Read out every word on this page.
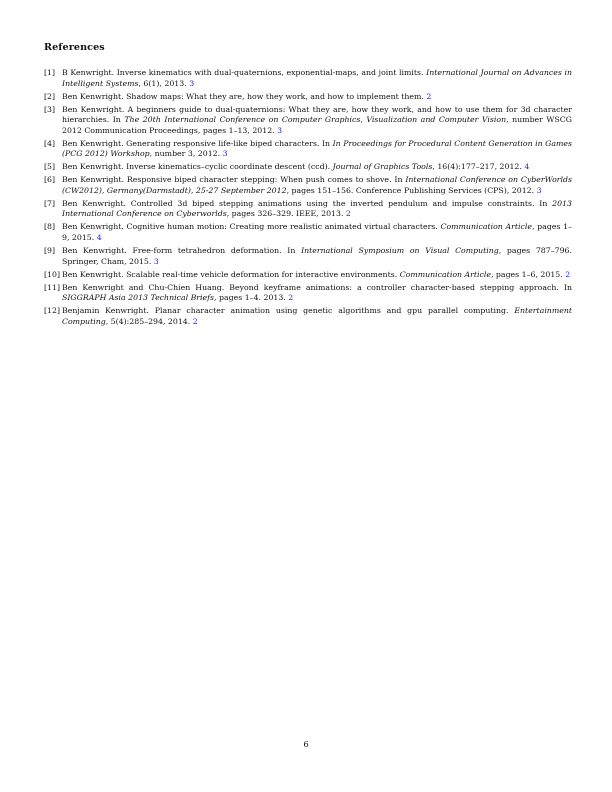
References
[1] B Kenwright. Inverse kinematics with dual-quaternions, exponential-maps, and joint limits. International Journal on Advances in Intelligent Systems, 6(1), 2013. 3
[2] Ben Kenwright. Shadow maps: What they are, how they work, and how to implement them. 2
[3] Ben Kenwright. A beginners guide to dual-quaternions: What they are, how they work, and how to use them for 3d character hierarchies. In The 20th International Conference on Computer Graphics, Visualization and Computer Vision, number WSCG 2012 Communication Proceedings, pages 1–13, 2012. 3
[4] Ben Kenwright. Generating responsive life-like biped characters. In In Proceedings for Procedural Content Generation in Games (PCG 2012) Workshop, number 3, 2012. 3
[5] Ben Kenwright. Inverse kinematics–cyclic coordinate descent (ccd). Journal of Graphics Tools, 16(4):177–217, 2012. 4
[6] Ben Kenwright. Responsive biped character stepping: When push comes to shove. In International Conference on CyberWorlds (CW2012), Germany(Darmstadt), 25-27 September 2012, pages 151–156. Conference Publishing Services (CPS), 2012. 3
[7] Ben Kenwright. Controlled 3d biped stepping animations using the inverted pendulum and impulse constraints. In 2013 International Conference on Cyberworlds, pages 326–329. IEEE, 2013. 2
[8] Ben Kenwright. Cognitive human motion: Creating more realistic animated virtual characters. Communication Article, pages 1–9, 2015. 4
[9] Ben Kenwright. Free-form tetrahedron deformation. In International Symposium on Visual Computing, pages 787–796. Springer, Cham, 2015. 3
[10] Ben Kenwright. Scalable real-time vehicle deformation for interactive environments. Communication Article, pages 1–6, 2015. 2
[11] Ben Kenwright and Chu-Chien Huang. Beyond keyframe animations: a controller character-based stepping approach. In SIGGRAPH Asia 2013 Technical Briefs, pages 1–4. 2013. 2
[12] Benjamin Kenwright. Planar character animation using genetic algorithms and gpu parallel computing. Entertainment Computing, 5(4):285–294, 2014. 2
6
